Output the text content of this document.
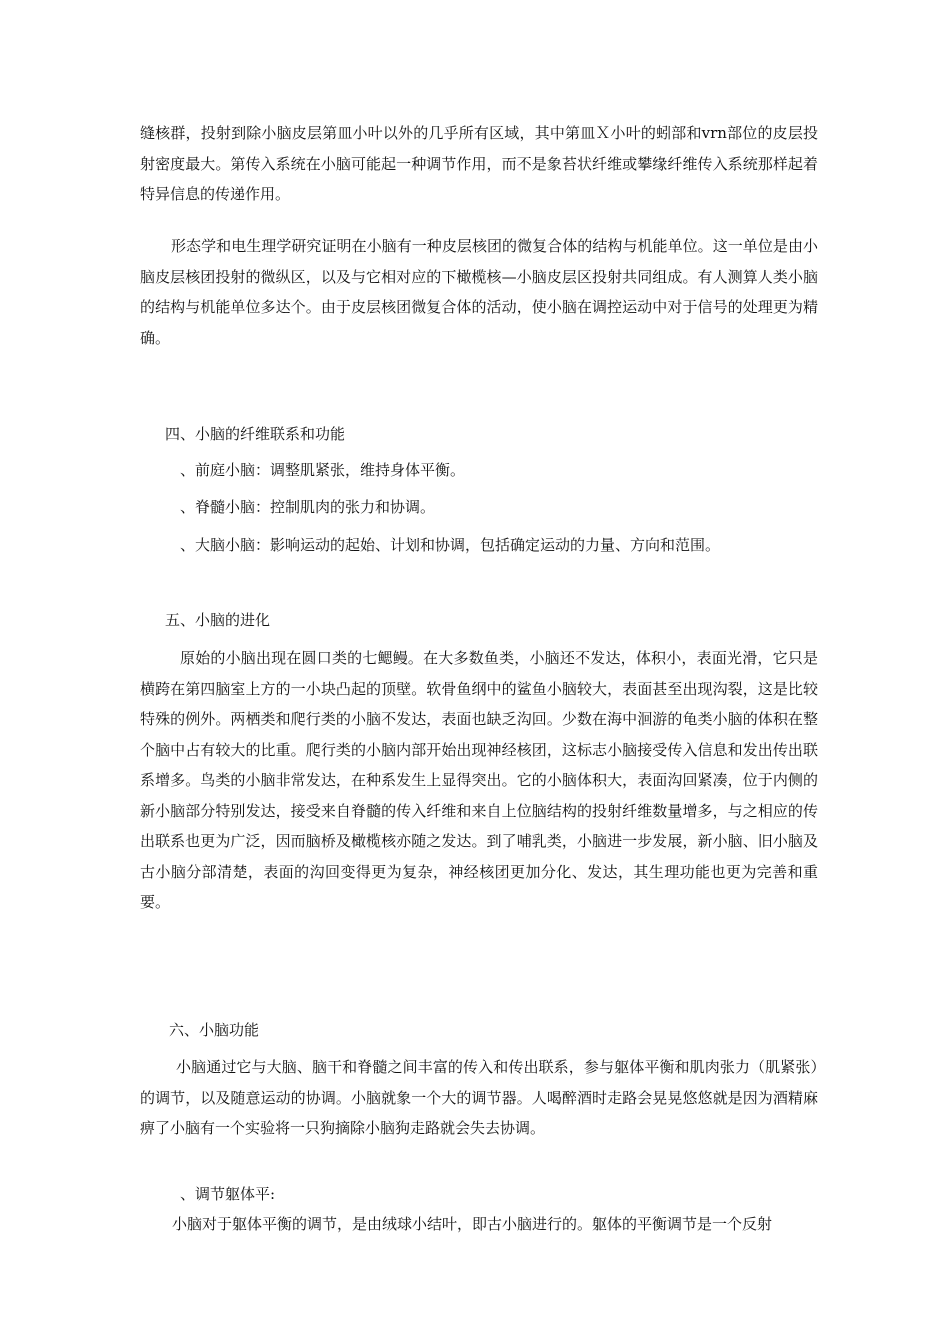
缝核群，投射到除小脑皮层第皿小叶以外的几乎所有区域，其中第皿Ｘ小叶的蚓部和vrn部位的皮层投射密度最大。第传入系统在小脑可能起一种调节作用，而不是象苔状纤维或攀缘纤维传入系统那样起着特异信息的传递作用。

形态学和电生理学研究证明在小脑有一种皮层核团的微复合体的结构与机能单位。这一单位是由小脑皮层核团投射的微纵区，以及与它相对应的下橄榄核—小脑皮层区投射共同组成。有人测算人类小脑的结构与机能单位多达个。由于皮层核团微复合体的活动，使小脑在调控运动中对于信号的处理更为精确。

四、小脑的纤维联系和功能

、前庭小脑：调整肌紧张，维持身体平衡。

、脊髓小脑：控制肌肉的张力和协调。

、大脑小脑：影响运动的起始、计划和协调，包括确定运动的力量、方向和范围。

五、小脑的进化

原始的小脑出现在圆口类的七鳃鳗。在大多数鱼类，小脑还不发达，体积小，表面光滑，它只是横跨在第四脑室上方的一小块凸起的顶壁。软骨鱼纲中的鲨鱼小脑较大，表面甚至出现沟裂，这是比较特殊的例外。两栖类和爬行类的小脑不发达，表面也缺乏沟回。少数在海中洄游的龟类小脑的体积在整个脑中占有较大的比重。爬行类的小脑内部开始出现神经核团，这标志小脑接受传入信息和发出传出联系增多。鸟类的小脑非常发达，在种系发生上显得突出。它的小脑体积大，表面沟回紧凑，位于内侧的新小脑部分特别发达，接受来自脊髓的传入纤维和来自上位脑结构的投射纤维数量增多，与之相应的传出联系也更为广泛，因而脑桥及橄榄核亦随之发达。到了哺乳类，小脑进一步发展，新小脑、旧小脑及古小脑分部清楚，表面的沟回变得更为复杂，神经核团更加分化、发达，其生理功能也更为完善和重要。

六、小脑功能

小脑通过它与大脑、脑干和脊髓之间丰富的传入和传出联系，参与躯体平衡和肌肉张力（肌紧张）的调节，以及随意运动的协调。小脑就象一个大的调节器。人喝醉酒时走路会晃晃悠悠就是因为酒精麻痹了小脑有一个实验将一只狗摘除小脑狗走路就会失去协调。

、调节躯体平:

小脑对于躯体平衡的调节，是由绒球小结叶，即古小脑进行的。躯体的平衡调节是一个反射
